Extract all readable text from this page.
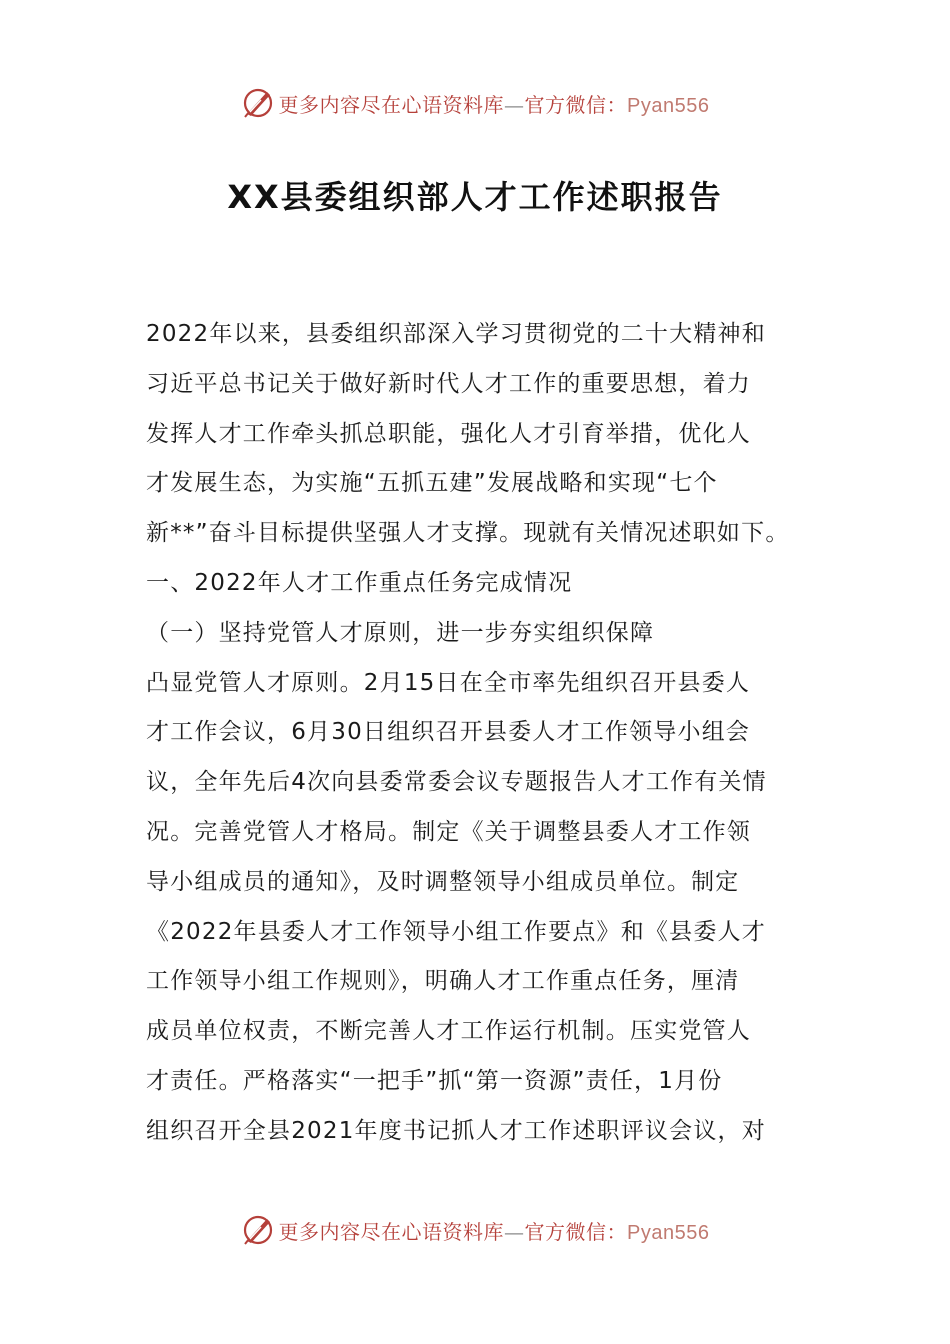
更多内容尽在心语资料库—官方微信：Pyan556
XX县委组织部人才工作述职报告
2022年以来，县委组织部深入学习贯彻党的二十大精神和
习近平总书记关于做好新时代人才工作的重要思想，着力
发挥人才工作牵头抓总职能，强化人才引育举措，优化人
才发展生态，为实施“五抓五建”发展战略和实现“七个
新**”奋斗目标提供坚强人才支撑。现就有关情况述职如下。
一、2022年人才工作重点任务完成情况
（一）坚持党管人才原则，进一步夯实组织保障
凸显党管人才原则。2月15日在全市率先组织召开县委人
才工作会议，6月30日组织召开县委人才工作领导小组会
议，全年先后4次向县委常委会议专题报告人才工作有关情
况。完善党管人才格局。制定《关于调整县委人才工作领
导小组成员的通知》，及时调整领导小组成员单位。制定
《2022年县委人才工作领导小组工作要点》和《县委人才
工作领导小组工作规则》，明确人才工作重点任务，厘清
成员单位权责，不断完善人才工作运行机制。压实党管人
才责任。严格落实“一把手”抓“第一资源”责任，1月份
组织召开全县2021年度书记抓人才工作述职评议会议，对
更多内容尽在心语资料库—官方微信：Pyan556
